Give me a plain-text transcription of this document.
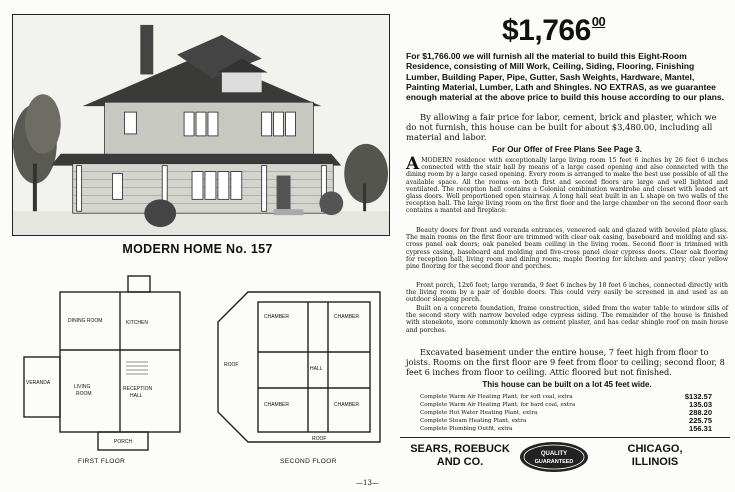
MODERN HOME No. 157
DINING ROOM	KITCHEN
VERANDA
LIVING
ROOM
RECEPTION
HALL
PORCH
CHAMBER	CHAMBER
HALL
CHAMBER	CHAMBER
ROOF
ROOF
FIRST FLOOR	SECOND FLOOR
$1,766$^{00}$
For $1,766.00 we will furnish all the material to build this Eight-Room Residence, consisting of Mill Work, Ceiling, Siding, Flooring, Finishing Lumber, Building Paper, Pipe, Gutter, Sash Weights, Hardware, Mantel, Painting Material, Lumber, Lath and Shingles. NO EXTRAS, as we guarantee enough material at the above price to build this house according to our plans.
By allowing a fair price for labor, cement, brick and plaster, which we do not furnish, this house can be built for about $3,480.00, including all material and labor.
For Our Offer of Free Plans See Page 3.
AMODERN residence with exceptionally large living room 15 feet 6 inches by 26 feet 6 inches connected with the stair hall by means of a large cased opening and also connected with the dining room by a large cased opening. Every room is arranged to make the best use possible of all the available space. All the rooms on both first and second floors are large and well lighted and ventilated. The reception hall contains a Colonial combination wardrobe and closet with leaded art glass doors. Well proportioned open stairway. A long hall seat built in an L shape on two walls of the reception hall. The large living room on the first floor and the large chamber on the second floor each contains a mantel and fireplace.
Beauty doors for front and veranda entrances, veneered oak and glazed with beveled plate glass. The main rooms on the first floor are trimmed with clear oak casing, baseboard and molding and six-cross panel oak doors; oak paneled beam ceiling in the living room. Second floor is trimmed with cypress casing, baseboard and molding and five-cross panel clear cypress doors. Clear oak flooring for reception hall, living room and dining room; maple flooring for kitchen and pantry; clear yellow pine flooring for the second floor and porches.
Front porch, 12x6 feet; large veranda, 9 feet 6 inches by 18 feet 6 inches, connected directly with the living room by a pair of double doors. This could very easily be screened in and used as an outdoor sleeping porch.
Built on a concrete foundation, frame construction, sided from the water table to window sills of the second story with narrow beveled edge cypress siding. The remainder of the house is finished with stenekote, more commonly known as cement plaster, and has cedar shingle roof on main house and porches.
Excavated basement under the entire house, 7 feet high from floor to joists. Rooms on the first floor are 9 feet from floor to ceiling; second floor, 8 feet 6 inches from floor to ceiling. Attic floored but not finished.
This house can be built on a lot 45 feet wide.
Complete Warm Air Heating Plant, for soft coal, extra	$132.57
Complete Warm Air Heating Plant, for hard coal, extra	135.03
Complete Hot Water Heating Plant, extra	288.20
Complete Steam Heating Plant, extra	225.75
Complete Plumbing Outfit, extra	156.31
SEARS, ROEBUCK
AND CO.
QUALITY
GUARANTEED
CHICAGO,
ILLINOIS
—13—
